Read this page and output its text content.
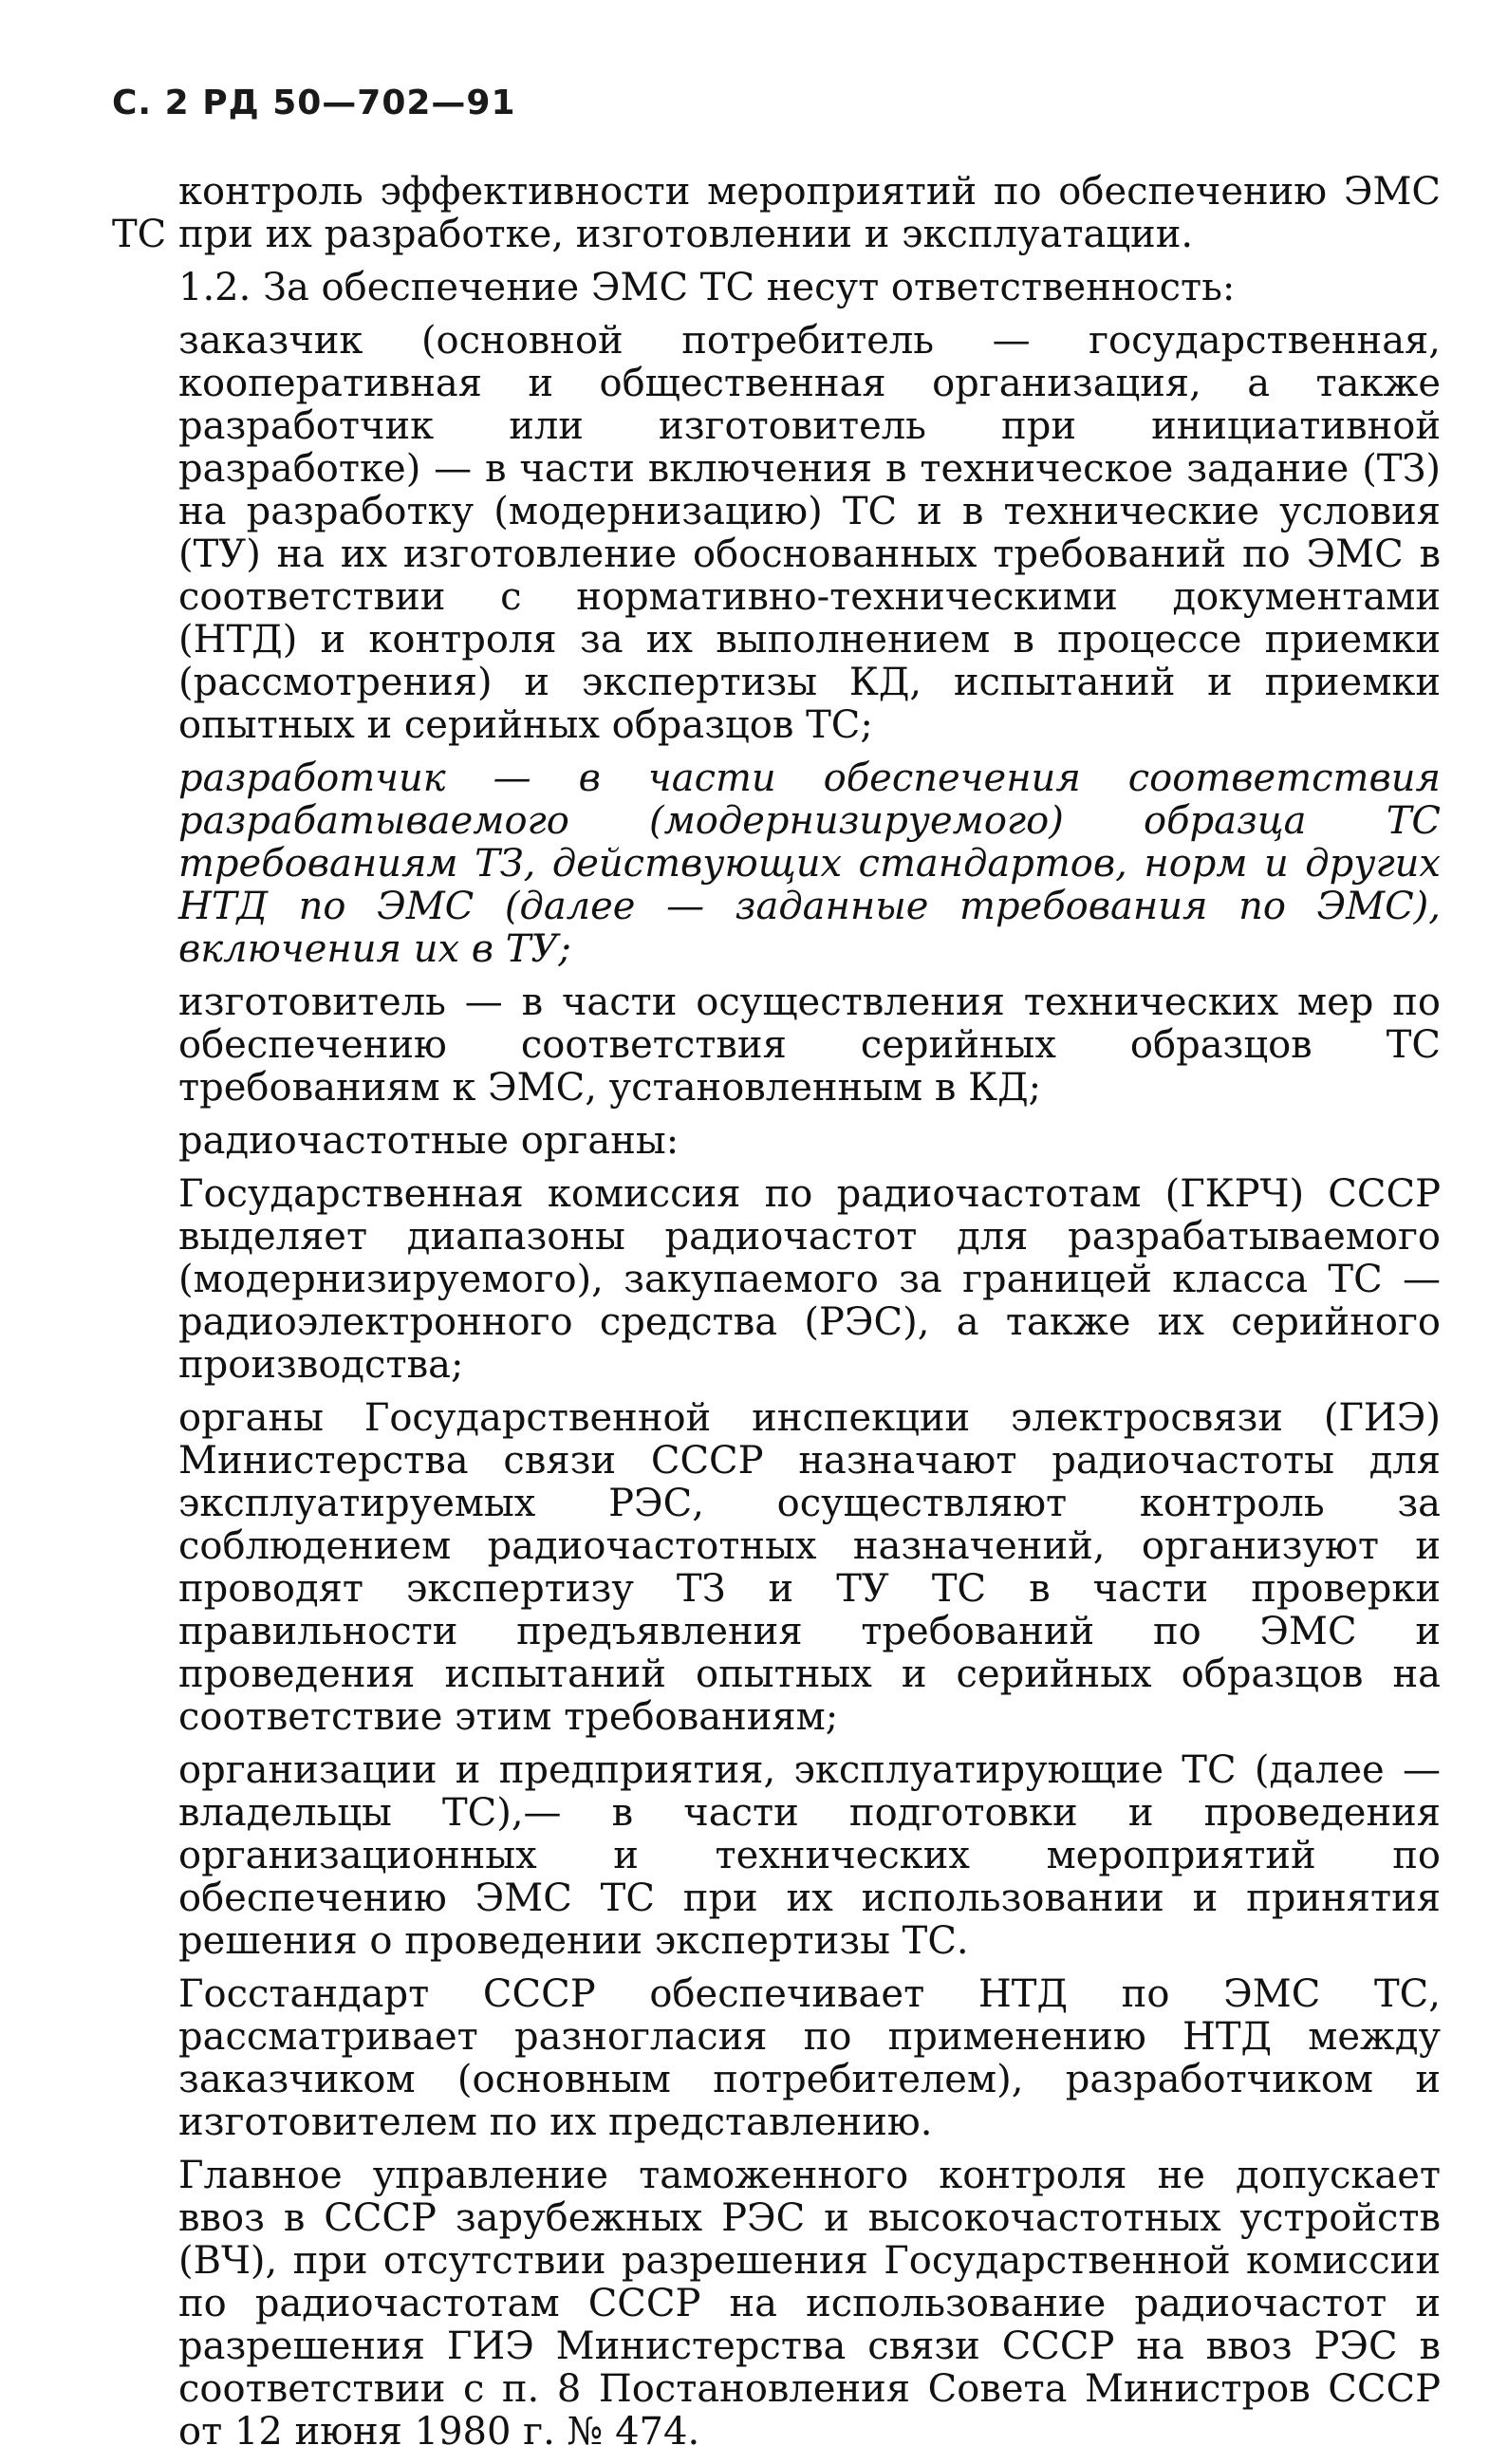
С. 2 РД 50—702—91

контроль эффективности мероприятий по обеспечению ЭМС ТС при их разработке, изготовлении и эксплуатации.

1.2. За обеспечение ЭМС ТС несут ответственность:

заказчик (основной потребитель — государственная, кооперативная и общественная организация, а также разработчик или изготовитель при инициативной разработке) — в части включения в техническое задание (ТЗ) на разработку (модернизацию) ТС и в технические условия (ТУ) на их изготовление обоснованных требований по ЭМС в соответствии с нормативно-техническими документами (НТД) и контроля за их выполнением в процессе приемки (рассмотрения) и экспертизы КД, испытаний и приемки опытных и серийных образцов ТС;

разработчик — в части обеспечения соответствия разрабатываемого (модернизируемого) образца ТС требованиям ТЗ, действующих стандартов, норм и других НТД по ЭМС (далее — заданные требования по ЭМС), включения их в ТУ;

изготовитель — в части осуществления технических мер по обеспечению соответствия серийных образцов ТС требованиям к ЭМС, установленным в КД;

радиочастотные органы:

Государственная комиссия по радиочастотам (ГКРЧ) СССР выделяет диапазоны радиочастот для разрабатываемого (модернизируемого), закупаемого за границей класса ТС — радиоэлектронного средства (РЭС), а также их серийного производства;

органы Государственной инспекции электросвязи (ГИЭ) Министерства связи СССР назначают радиочастоты для эксплуатируемых РЭС, осуществляют контроль за соблюдением радиочастотных назначений, организуют и проводят экспертизу ТЗ и ТУ ТС в части проверки правильности предъявления требований по ЭМС и проведения испытаний опытных и серийных образцов на соответствие этим требованиям;

организации и предприятия, эксплуатирующие ТС (далее — владельцы ТС),— в части подготовки и проведения организационных и технических мероприятий по обеспечению ЭМС ТС при их использовании и принятия решения о проведении экспертизы ТС.

Госстандарт СССР обеспечивает НТД по ЭМС ТС, рассматривает разногласия по применению НТД между заказчиком (основным потребителем), разработчиком и изготовителем по их представлению.

Главное управление таможенного контроля не допускает ввоз в СССР зарубежных РЭС и высокочастотных устройств (ВЧ), при отсутствии разрешения Государственной комиссии по радиочастотам СССР на использование радиочастот и разрешения ГИЭ Министерства связи СССР на ввоз РЭС в соответствии с п. 8 Постановления Совета Министров СССР от 12 июня 1980 г. № 474.
